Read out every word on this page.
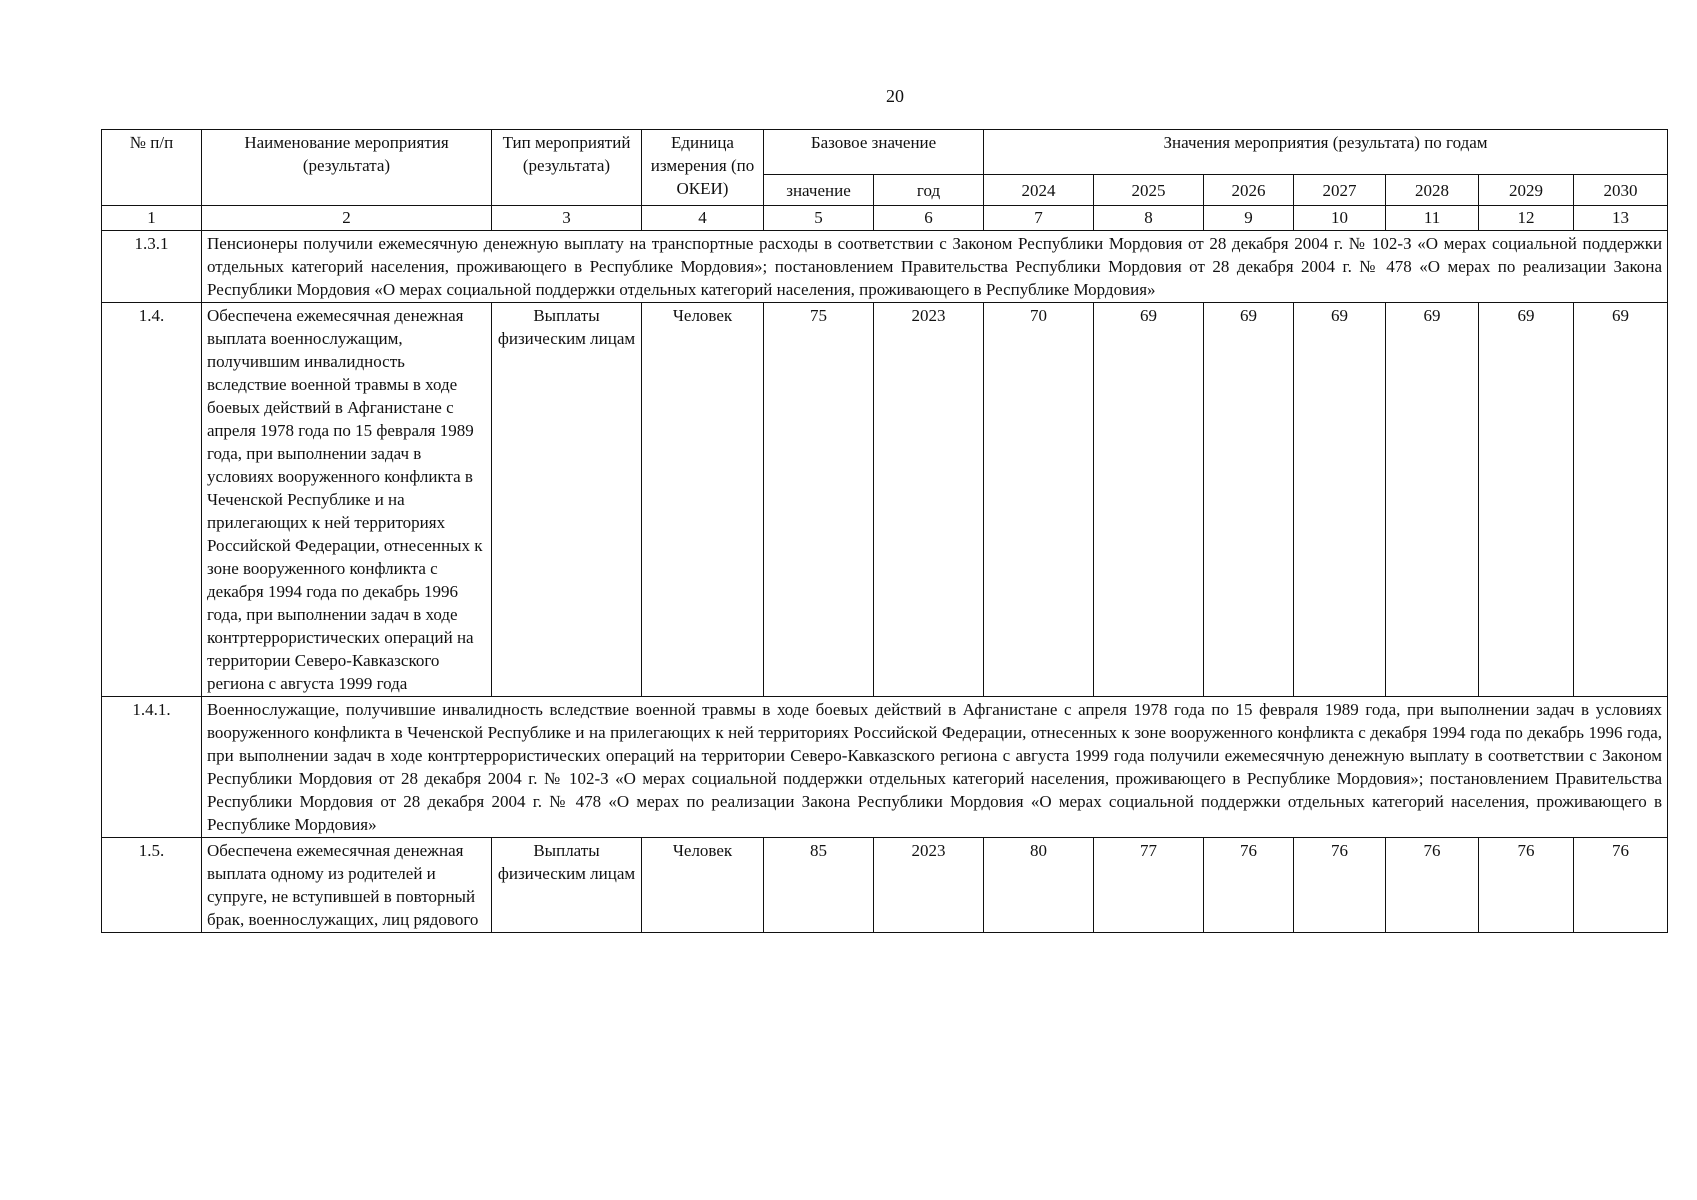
20
№ п/п	Наименование мероприятия (результата)	Тип мероприятий (результата)	Единица измерения (по ОКЕИ)	Базовое значение		Значения мероприятия (результата) по годам						
				значение	год	2024	2025	2026	2027	2028	2029	2030
1	2	3	4	5	6	7	8	9	10	11	12	13
1.3.1	Пенсионеры получили ежемесячную денежную выплату на транспортные расходы в соответствии с Законом Республики Мордовия от 28 декабря 2004 г. № 102-З «О мерах социальной поддержки отдельных категорий населения, проживающего в Республике Мордовия»; постановлением Правительства Республики Мордовия от 28 декабря 2004 г. № 478 «О мерах по реализации Закона Республики Мордовия «О мерах социальной поддержки отдельных категорий населения, проживающего в Республике Мордовия»											
1.4.	Обеспечена ежемесячная денежная выплата военнослужащим, получившим инвалидность вследствие военной травмы в ходе боевых действий в Афганистане с апреля 1978 года по 15 февраля 1989 года, при выполнении задач в условиях вооруженного конфликта в Чеченской Республике и на прилегающих к ней территориях Российской Федерации, отнесенных к зоне вооруженного конфликта с декабря 1994 года по декабрь 1996 года, при выполнении задач в ходе контртеррористических операций на территории Северо-Кавказского региона с августа 1999 года	Выплаты физическим лицам	Человек	75	2023	70	69	69	69	69	69	69
1.4.1.	Военнослужащие, получившие инвалидность вследствие военной травмы в ходе боевых действий в Афганистане с апреля 1978 года по 15 февраля 1989 года, при выполнении задач в условиях вооруженного конфликта в Чеченской Республике и на прилегающих к ней территориях Российской Федерации, отнесенных к зоне вооруженного конфликта с декабря 1994 года по декабрь 1996 года, при выполнении задач в ходе контртеррористических операций на территории Северо-Кавказского региона с августа 1999 года получили ежемесячную денежную выплату в соответствии с Законом Республики Мордовия от 28 декабря 2004 г. № 102-З «О мерах социальной поддержки отдельных категорий населения, проживающего в Республике Мордовия»; постановлением Правительства Республики Мордовия от 28 декабря 2004 г. № 478 «О мерах по реализации Закона Республики Мордовия «О мерах социальной поддержки отдельных категорий населения, проживающего в Республике Мордовия»											
1.5.	Обеспечена ежемесячная денежная выплата одному из родителей и супруге, не вступившей в повторный брак, военнослужащих, лиц рядового	Выплаты физическим лицам	Человек	85	2023	80	77	76	76	76	76	76
